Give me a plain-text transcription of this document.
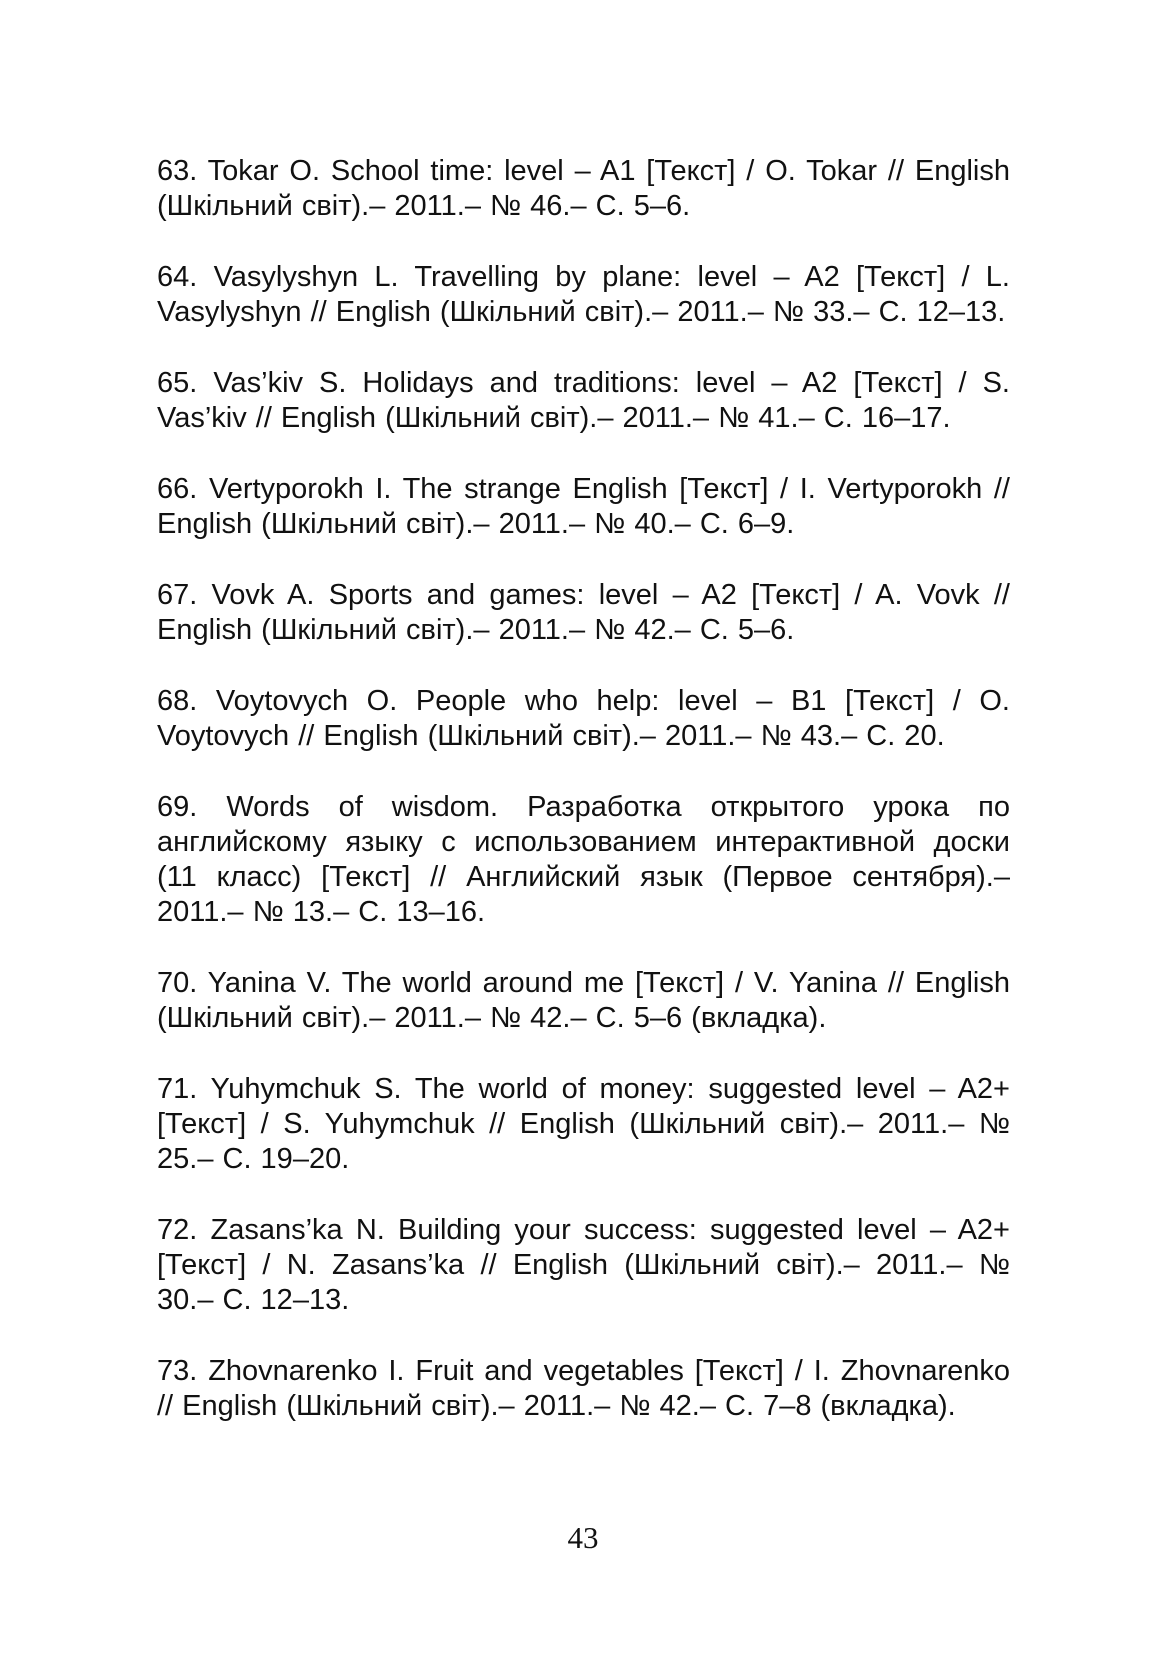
63. Tokar O. School time: level – A1 [Текст] / O. Tokar // English (Шкільний світ).– 2011.– № 46.– С. 5–6.
64. Vasylyshyn L. Travelling by plane: level – A2 [Текст] / L. Vasylyshyn // English (Шкільний світ).– 2011.– № 33.– С. 12–13.
65. Vas’kiv S. Holidays and traditions: level – A2 [Текст] / S. Vas’kiv // English (Шкільний світ).– 2011.– № 41.– С. 16–17.
66. Vertyporokh I. The strange English [Текст] / I. Vertyporokh // English (Шкільний світ).– 2011.– № 40.– С. 6–9.
67. Vovk A. Sports and games: level – A2 [Текст] / A. Vovk // English (Шкільний світ).– 2011.– № 42.– С. 5–6.
68. Voytovych O. People who help: level – B1 [Текст] / O. Voytovych // English (Шкільний світ).– 2011.– № 43.– С. 20.
69. Words of wisdom. Разработка открытого урока по английскому языку с использованием интерактивной доски (11 класс) [Текст] // Английский язык (Первое сентября).– 2011.– № 13.– С. 13–16.
70. Yanina V. The world around me [Текст] / V. Yanina // English (Шкільний світ).– 2011.– № 42.– С. 5–6 (вкладка).
71. Yuhymchuk S. The world of money: suggested level – A2+ [Текст] / S. Yuhymchuk // English (Шкільний світ).– 2011.– № 25.– С. 19–20.
72. Zasans’ka N. Building your success: suggested level – A2+ [Текст] / N. Zasans’ka // English (Шкільний світ).– 2011.– № 30.– С. 12–13.
73. Zhovnarenko I. Fruit and vegetables [Текст] / I. Zhovnarenko // English (Шкільний світ).– 2011.– № 42.– С. 7–8 (вкладка).
43
